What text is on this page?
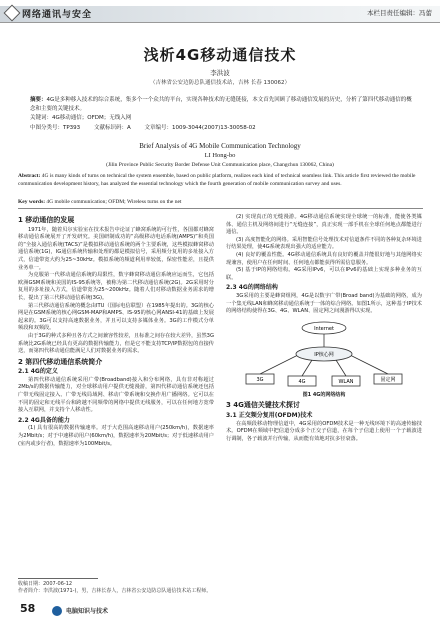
网络通讯与安全	本栏目责任编辑：冯蕾
浅析4G移动通信技术
李洪波
（吉林省公安边防总队通信技术站，吉林 长春 130062）
摘要：4G是多种移入技术的综合系统，集多个一个众共的平台，实现各种技术的无缝链接，本文首先回顾了移动通信发展的历史，分析了第四代移动通信的概念和主要的关键技术。
关键词：4G移动通信；OFDM；无线入网
中图分类号：TP393	文献标识码：A	文章编号：1009-3044(2007)13-30058-02
Brief Analysis of 4G Mobile Communication Technology
LI Hong-bo
(Jilin Province Public Security Border Defense Unit Communication place, Changchun 130062, China)
Abstract: 4G is many kinds of turns on technical the system ensemble, based on public platform, realizes each kind of technical seamless link. This article first reviewed the mobile communication development history, has analyzed the essential technology which the fourth generation of mobile communication survey and uses.
Key words: 4G mobile communication; OFDM; Wireless turns on the net
1 移动通信的发展

1971年，随着贝尔实验室在技术报告中论证了蜂窝系统的可行性，各国都对蜂窝移动通信系统展开了开发研究。美国研制成功的“高级移动电话系统(AMPS)”和英国的“全接入通信系统(TACS)”是模拟移动通信系统的两个主要系统，这些模拟蜂窝移动通信系统(1G)，IG通信系统传输和处理的都是模拟信号，采用频分复用的多址接入方式，信道带宽大约为25~30kHz。模拟系统的频道利用率较低，保密性能差，且提供业务单一。

为克服第一代移动通信系统的局限性，数字蜂窝移动通信系统应运而生，它包括欧洲GSM系统和美国的IS-95系统等，被称为第二代移动通信系统(2G)。2G采用时分复用的多址接入方式，信道带宽为25~200kHz。随着人们对移动数据业务需求的增长，提出了第三代移动通信系统(3G)。

第三代移动通信系统的概念由ITU（国际电信联盟）在1985年提出的。3G的核心网是在GSM系统的核心网GSM-MAP和AMPS、IS-95的核心网ANSI-41的基础上发展起来的。3G可以支持高速数据业务，并且可以支持多媒体业务。3G的工作模式分单频段和双频段。

由于3G的种式多种且各方式之间兼容性较差，且标准之间存在较大差异，虽然3G系统比2G系统已经具有更高的数据传输能力，但是它不能支持TCP/IP数据包的直接传送，而第四代移动通信能满足人们对数据业务的需求。

2 第四代移动通信系统简介
2.1 4G的定义

第四代移动通信系统采用广带(Broadband)接入和分布网络，具有非对称超过2Mb/s的数据传输能力，对全球移动用户提供无缝漫游，第四代移动通信系统还包括广带无线固定接入、广带无线局域网、移动广带系统和交换作用广播网络。它可以在不同的固定和无线平台和跨越不同频带的网络中提供无线服务，可以在任何地方宽带接入互联网，并支持个人移动性。

2.2 4G具备的能力

(1) 具有很高的数据传输速率。对于大范围高速移动用户(250km/h)，数据速率为2Mbit/s；对于中速移动用户(60km/h)，数据速率为20Mbit/s；对于低速移动用户(室内或步行者)，数据速率为100Mbit/s。

(2) 实现真正的无缝漫游。4G移动通信系统实现全球统一的标准，能使各类媒体、通信主机及网络间进行“无缝连接”，真正实现一部手机在全球任何地点都能进行通信。

(3) 高度智能化的网络。采用智能信号处理技术对信道条件不同的各种复杂环境进行结果处理，使4G系统表现出强大的适应能力。

(4) 良好的覆盖性能。4G移动通信系统具有良好的覆盖并能很好地与其他网络实现兼容，使用户在任何时间、任何地点都能获得所需信息服务。

(5) 基于IP的网络结构。4G采用IPv6，可以在IPv6的基础上实现多种业务的互联。

2.3 4G的网络结构

3G采用的主要是蜂窝组网，4G是以数字广带(Broad band)为基础的网络，成为一个集无线LAN和蜂窝移动通信系统于一体的综合网络。如图1所示，这种基于IP技术的网络结构使得在3G、4G、WLAN、固定网之间漫游得以实现。

Internet
IP核心网
3G	4G	WLAN	固定网
图1 4G的网络结构
3 4G通信关键技术探讨
3.1 正交频分复用(OFDM)技术

在高频段移动物理信道中，4G采用的OFDM技术是一种无线环境下的高速传输技术。OFDM在频域中把信道分成多个正交子信道，在每个子信道上使用一个子载波进行调制，各子载波并行传输，从而能有效地对抗多径衰落。

收稿日期：2007-06-12
作者简介：李洪波(1971-)，男，吉林长春人，吉林省公安边防总队通信技术站工程师。
58	电脑知识与技术
